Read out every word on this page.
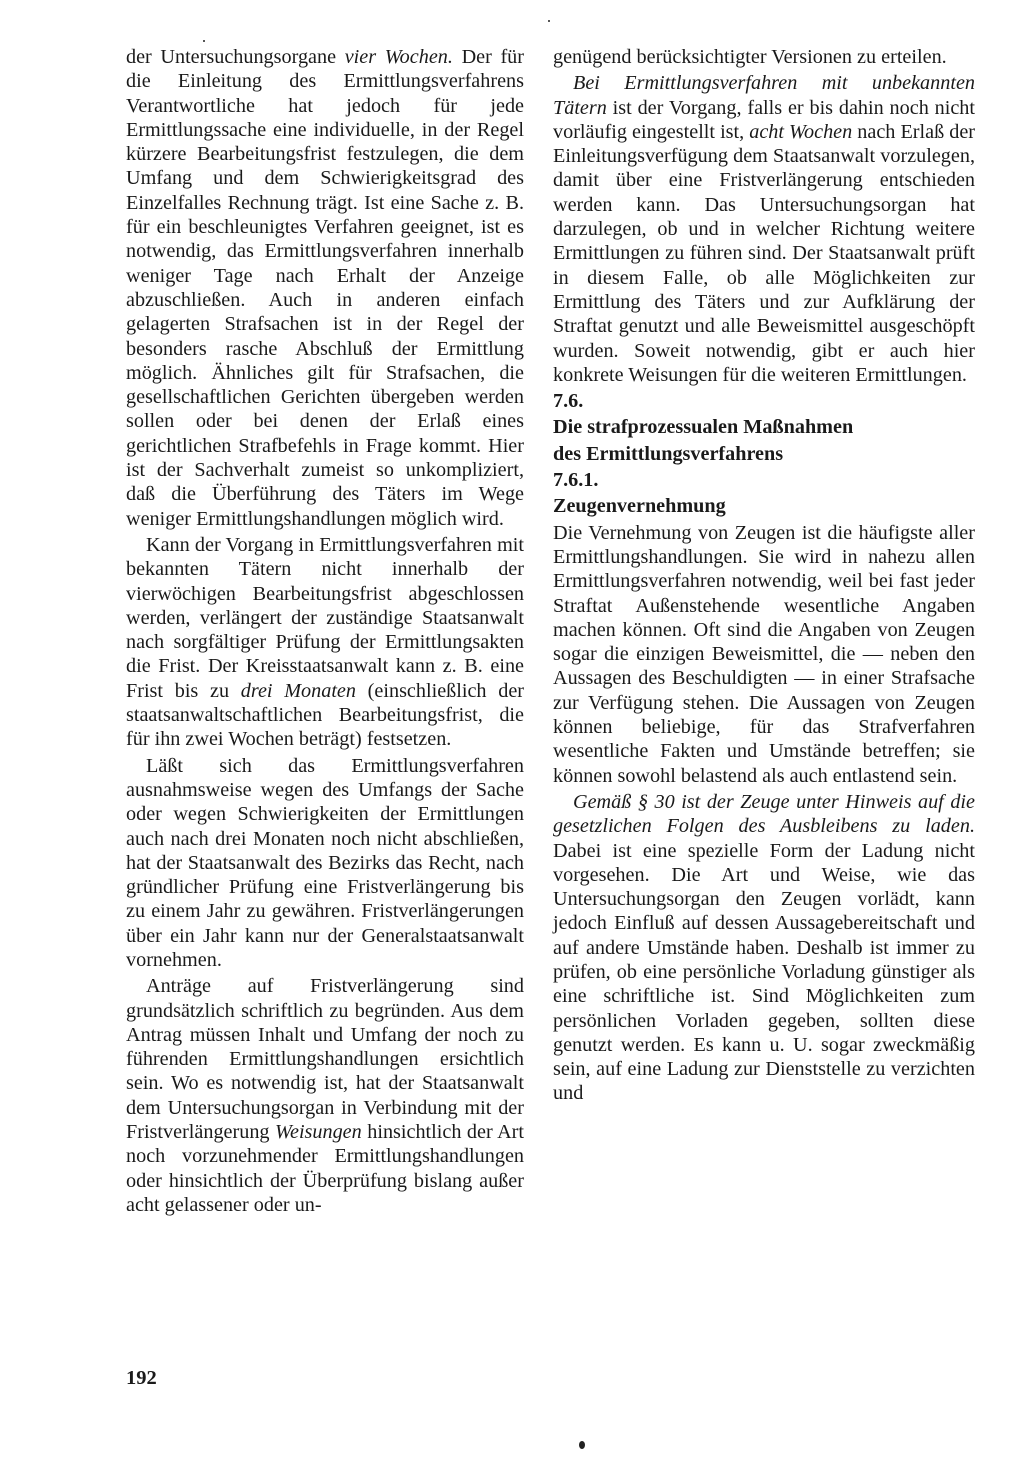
der Untersuchungsorgane vier Wochen. Der für die Einleitung des Ermittlungsverfahrens Verantwortliche hat jedoch für jede Ermittlungssache eine individuelle, in der Regel kürzere Bearbeitungsfrist festzulegen, die dem Umfang und dem Schwierigkeitsgrad des Einzelfalles Rechnung trägt. Ist eine Sache z. B. für ein beschleunigtes Verfahren geeignet, ist es notwendig, das Ermittlungsverfahren innerhalb weniger Tage nach Erhalt der Anzeige abzuschließen. Auch in anderen einfach gelagerten Strafsachen ist in der Regel der besonders rasche Abschluß der Ermittlung möglich. Ähnliches gilt für Strafsachen, die gesellschaftlichen Gerichten übergeben werden sollen oder bei denen der Erlaß eines gerichtlichen Strafbefehls in Frage kommt. Hier ist der Sachverhalt zumeist so unkompliziert, daß die Überführung des Täters im Wege weniger Ermittlungshandlungen möglich wird.

Kann der Vorgang in Ermittlungsverfahren mit bekannten Tätern nicht innerhalb der vierwöchigen Bearbeitungsfrist abgeschlossen werden, verlängert der zuständige Staatsanwalt nach sorgfältiger Prüfung der Ermittlungsakten die Frist. Der Kreisstaatsanwalt kann z. B. eine Frist bis zu drei Monaten (einschließlich der staatsanwaltschaftlichen Bearbeitungsfrist, die für ihn zwei Wochen beträgt) festsetzen.

Läßt sich das Ermittlungsverfahren ausnahmsweise wegen des Umfangs der Sache oder wegen Schwierigkeiten der Ermittlungen auch nach drei Monaten noch nicht abschließen, hat der Staatsanwalt des Bezirks das Recht, nach gründlicher Prüfung eine Fristverlängerung bis zu einem Jahr zu gewähren. Fristverlängerungen über ein Jahr kann nur der Generalstaatsanwalt vornehmen.

Anträge auf Fristverlängerung sind grundsätzlich schriftlich zu begründen. Aus dem Antrag müssen Inhalt und Umfang der noch zu führenden Ermittlungshandlungen ersichtlich sein. Wo es notwendig ist, hat der Staatsanwalt dem Untersuchungsorgan in Verbindung mit der Fristverlängerung Weisungen hinsichtlich der Art noch vorzunehmender Ermittlungshandlungen oder hinsichtlich der Überprüfung bislang außer acht gelassener oder un-

genügend berücksichtigter Versionen zu erteilen.

Bei Ermittlungsverfahren mit unbekannten Tätern ist der Vorgang, falls er bis dahin noch nicht vorläufig eingestellt ist, acht Wochen nach Erlaß der Einleitungsverfügung dem Staatsanwalt vorzulegen, damit über eine Fristverlängerung entschieden werden kann. Das Untersuchungsorgan hat darzulegen, ob und in welcher Richtung weitere Ermittlungen zu führen sind. Der Staatsanwalt prüft in diesem Falle, ob alle Möglichkeiten zur Ermittlung des Täters und zur Aufklärung der Straftat genutzt und alle Beweismittel ausgeschöpft wurden. Soweit notwendig, gibt er auch hier konkrete Weisungen für die weiteren Ermittlungen.

7.6.

Die strafprozessualen Maßnahmen

des Ermittlungsverfahrens

7.6.1.

Zeugenvernehmung

Die Vernehmung von Zeugen ist die häufigste aller Ermittlungshandlungen. Sie wird in nahezu allen Ermittlungsverfahren notwendig, weil bei fast jeder Straftat Außenstehende wesentliche Angaben machen können. Oft sind die Angaben von Zeugen sogar die einzigen Beweismittel, die — neben den Aussagen des Beschuldigten — in einer Strafsache zur Verfügung stehen. Die Aussagen von Zeugen können beliebige, für das Strafverfahren wesentliche Fakten und Umstände betreffen; sie können sowohl belastend als auch entlastend sein.

Gemäß § 30 ist der Zeuge unter Hinweis auf die gesetzlichen Folgen des Ausbleibens zu laden. Dabei ist eine spezielle Form der Ladung nicht vorgesehen. Die Art und Weise, wie das Untersuchungsorgan den Zeugen vorlädt, kann jedoch Einfluß auf dessen Aussagebereitschaft und auf andere Umstände haben. Deshalb ist immer zu prüfen, ob eine persönliche Vorladung günstiger als eine schriftliche ist. Sind Möglichkeiten zum persönlichen Vorladen gegeben, sollten diese genutzt werden. Es kann u. U. sogar zweckmäßig sein, auf eine Ladung zur Dienststelle zu verzichten und

192
